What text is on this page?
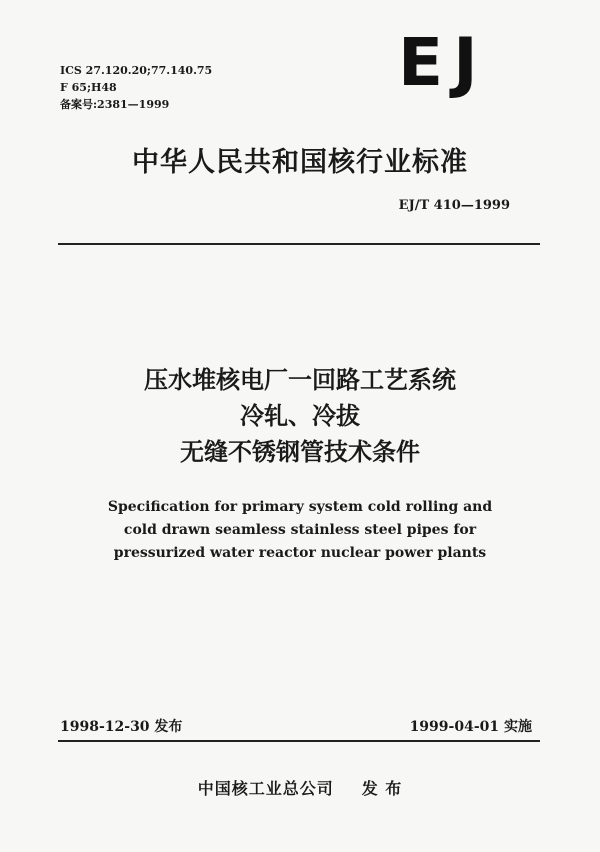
ICS 27.120.20;77.140.75
F 65;H48
备案号:2381—1999
EJ
中华人民共和国核行业标准
EJ/T 410—1999
压水堆核电厂一回路工艺系统
冷轧、冷拔
无缝不锈钢管技术条件
Specification for primary system cold rolling and
cold drawn seamless stainless steel pipes for
pressurized water reactor nuclear power plants
1998-12-30 发布	1999-04-01 实施
中国核工业总公司 发 布
